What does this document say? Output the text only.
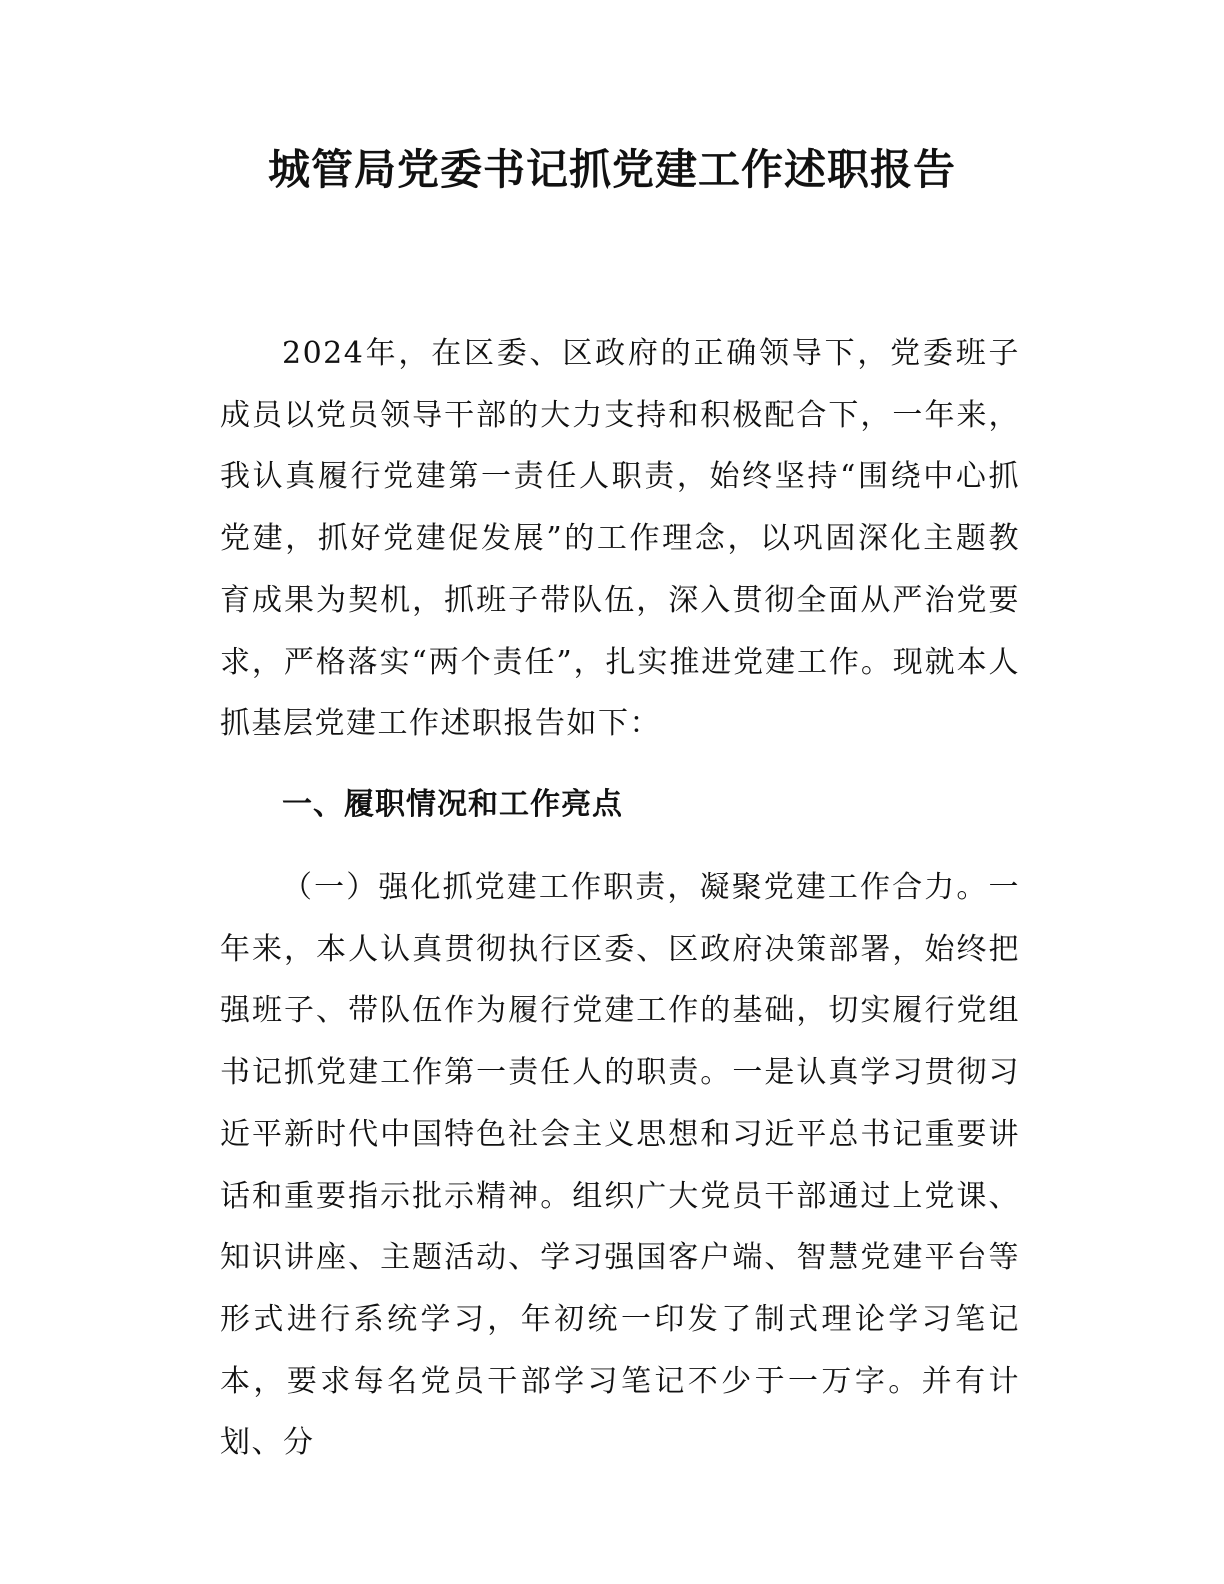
城管局党委书记抓党建工作述职报告

2024年，在区委、区政府的正确领导下，党委班子成员以党员领导干部的大力支持和积极配合下，一年来，我认真履行党建第一责任人职责，始终坚持“围绕中心抓党建，抓好党建促发展”的工作理念，以巩固深化主题教育成果为契机，抓班子带队伍，深入贯彻全面从严治党要求，严格落实“两个责任”，扎实推进党建工作。现就本人抓基层党建工作述职报告如下：

一、履职情况和工作亮点

（一）强化抓党建工作职责，凝聚党建工作合力。一年来，本人认真贯彻执行区委、区政府决策部署，始终把强班子、带队伍作为履行党建工作的基础，切实履行党组书记抓党建工作第一责任人的职责。一是认真学习贯彻习近平新时代中国特色社会主义思想和习近平总书记重要讲话和重要指示批示精神。组织广大党员干部通过上党课、知识讲座、主题活动、学习强国客户端、智慧党建平台等形式进行系统学习，年初统一印发了制式理论学习笔记本，要求每名党员干部学习笔记不少于一万字。并有计划、分
